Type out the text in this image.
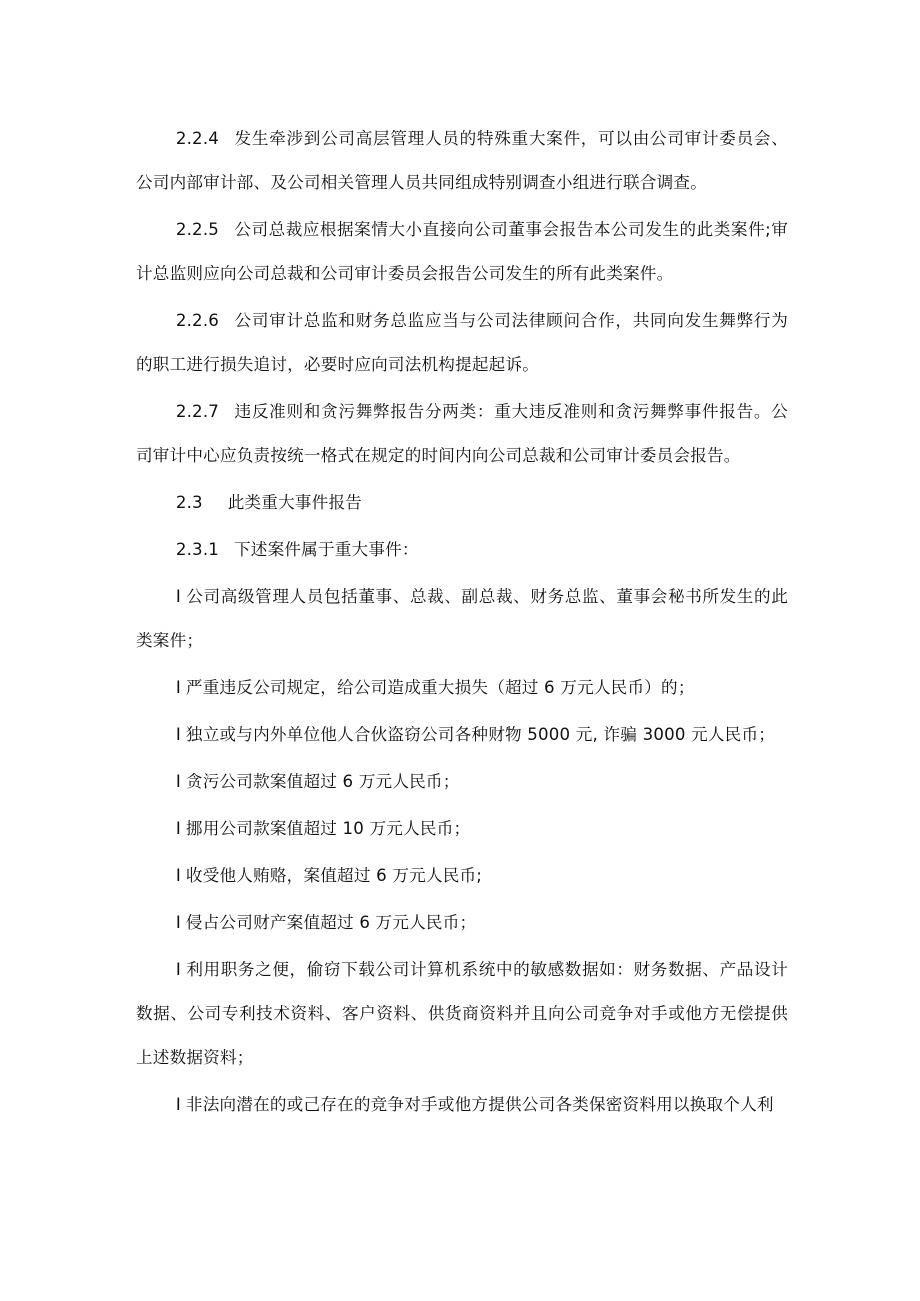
2.2.4 发生牵涉到公司高层管理人员的特殊重大案件，可以由公司审计委员会、公司内部审计部、及公司相关管理人员共同组成特别调查小组进行联合调查。

2.2.5 公司总裁应根据案情大小直接向公司董事会报告本公司发生的此类案件;审计总监则应向公司总裁和公司审计委员会报告公司发生的所有此类案件。

2.2.6 公司审计总监和财务总监应当与公司法律顾问合作，共同向发生舞弊行为的职工进行损失追讨，必要时应向司法机构提起起诉。

2.2.7 违反准则和贪污舞弊报告分两类：重大违反准则和贪污舞弊事件报告。公司审计中心应负责按统一格式在规定的时间内向公司总裁和公司审计委员会报告。

2.3 此类重大事件报告

2.3.1 下述案件属于重大事件：

I 公司高级管理人员包括董事、总裁、副总裁、财务总监、董事会秘书所发生的此类案件；

I 严重违反公司规定，给公司造成重大损失（超过 6 万元人民币）的；

I 独立或与内外单位他人合伙盗窃公司各种财物 5000 元, 诈骗 3000 元人民币；

I 贪污公司款案值超过 6 万元人民币；

I 挪用公司款案值超过 10 万元人民币；

I 收受他人贿赂，案值超过 6 万元人民币;

I 侵占公司财产案值超过 6 万元人民币；

I 利用职务之便，偷窃下载公司计算机系统中的敏感数据如：财务数据、产品设计数据、公司专利技术资料、客户资料、供货商资料并且向公司竞争对手或他方无偿提供上述数据资料；

I 非法向潜在的或己存在的竞争对手或他方提供公司各类保密资料用以换取个人利
